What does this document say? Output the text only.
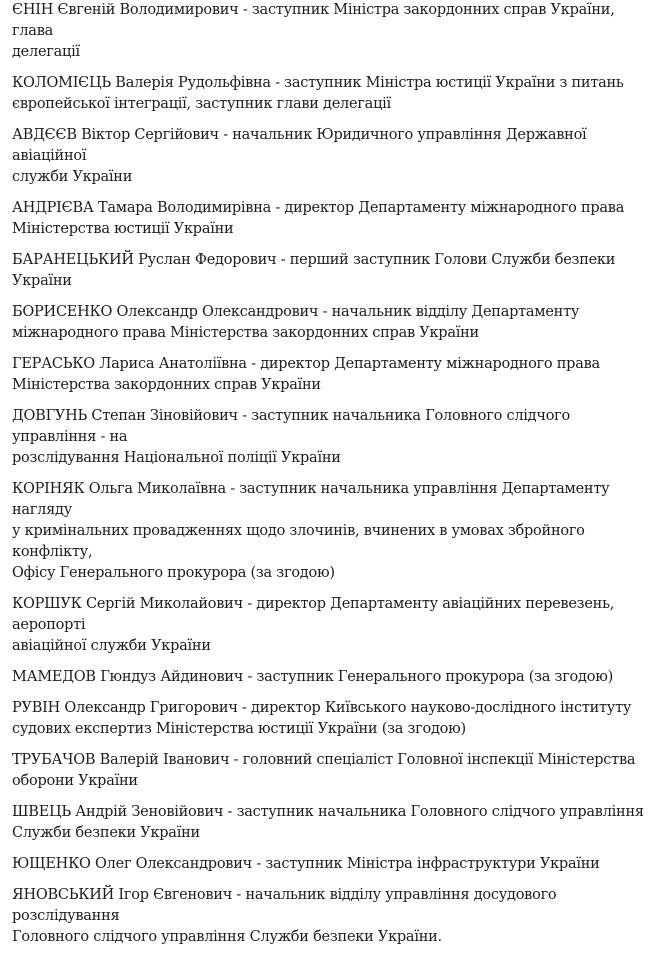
ЄНІН Євгеній Володимирович - заступник Міністра закордонних справ України, глава
делегації

КОЛОМІЄЦЬ Валерія Рудольфівна - заступник Міністра юстиції України з питань
європейської інтеграції, заступник глави делегації

АВДЄЄВ Віктор Сергійович - начальник Юридичного управління Державної авіаційної
служби України

АНДРІЄВА Тамара Володимирівна - директор Департаменту міжнародного права
Міністерства юстиції України

БАРАНЕЦЬКИЙ Руслан Федорович - перший заступник Голови Служби безпеки
України

БОРИСЕНКО Олександр Олександрович - начальник відділу Департаменту
міжнародного права Міністерства закордонних справ України

ГЕРАСЬКО Лариса Анатоліївна - директор Департаменту міжнародного права
Міністерства закордонних справ України

ДОВГУНЬ Степан Зіновійович - заступник начальника Головного слідчого управління - на
розслідування Національної поліції України

КОРІНЯК Ольга Миколаївна - заступник начальника управління Департаменту нагляду
у кримінальних провадженнях щодо злочинів, вчинених в умовах збройного конфлікту,
Офісу Генерального прокурора (за згодою)

КОРШУК Сергій Миколайович - директор Департаменту авіаційних перевезень, аеропорті
авіаційної служби України

МАМЕДОВ Гюндуз Айдинович - заступник Генерального прокурора (за згодою)

РУВІН Олександр Григорович - директор Київського науково-дослідного інституту
судових експертиз Міністерства юстиції України (за згодою)

ТРУБАЧОВ Валерій Іванович - головний спеціаліст Головної інспекції Міністерства
оборони України

ШВЕЦЬ Андрій Зеновійович - заступник начальника Головного слідчого управління
Служби безпеки України

ЮЩЕНКО Олег Олександрович - заступник Міністра інфраструктури України

ЯНОВСЬКИЙ Ігор Євгенович - начальник відділу управління досудового розслідування
Головного слідчого управління Служби безпеки України.
